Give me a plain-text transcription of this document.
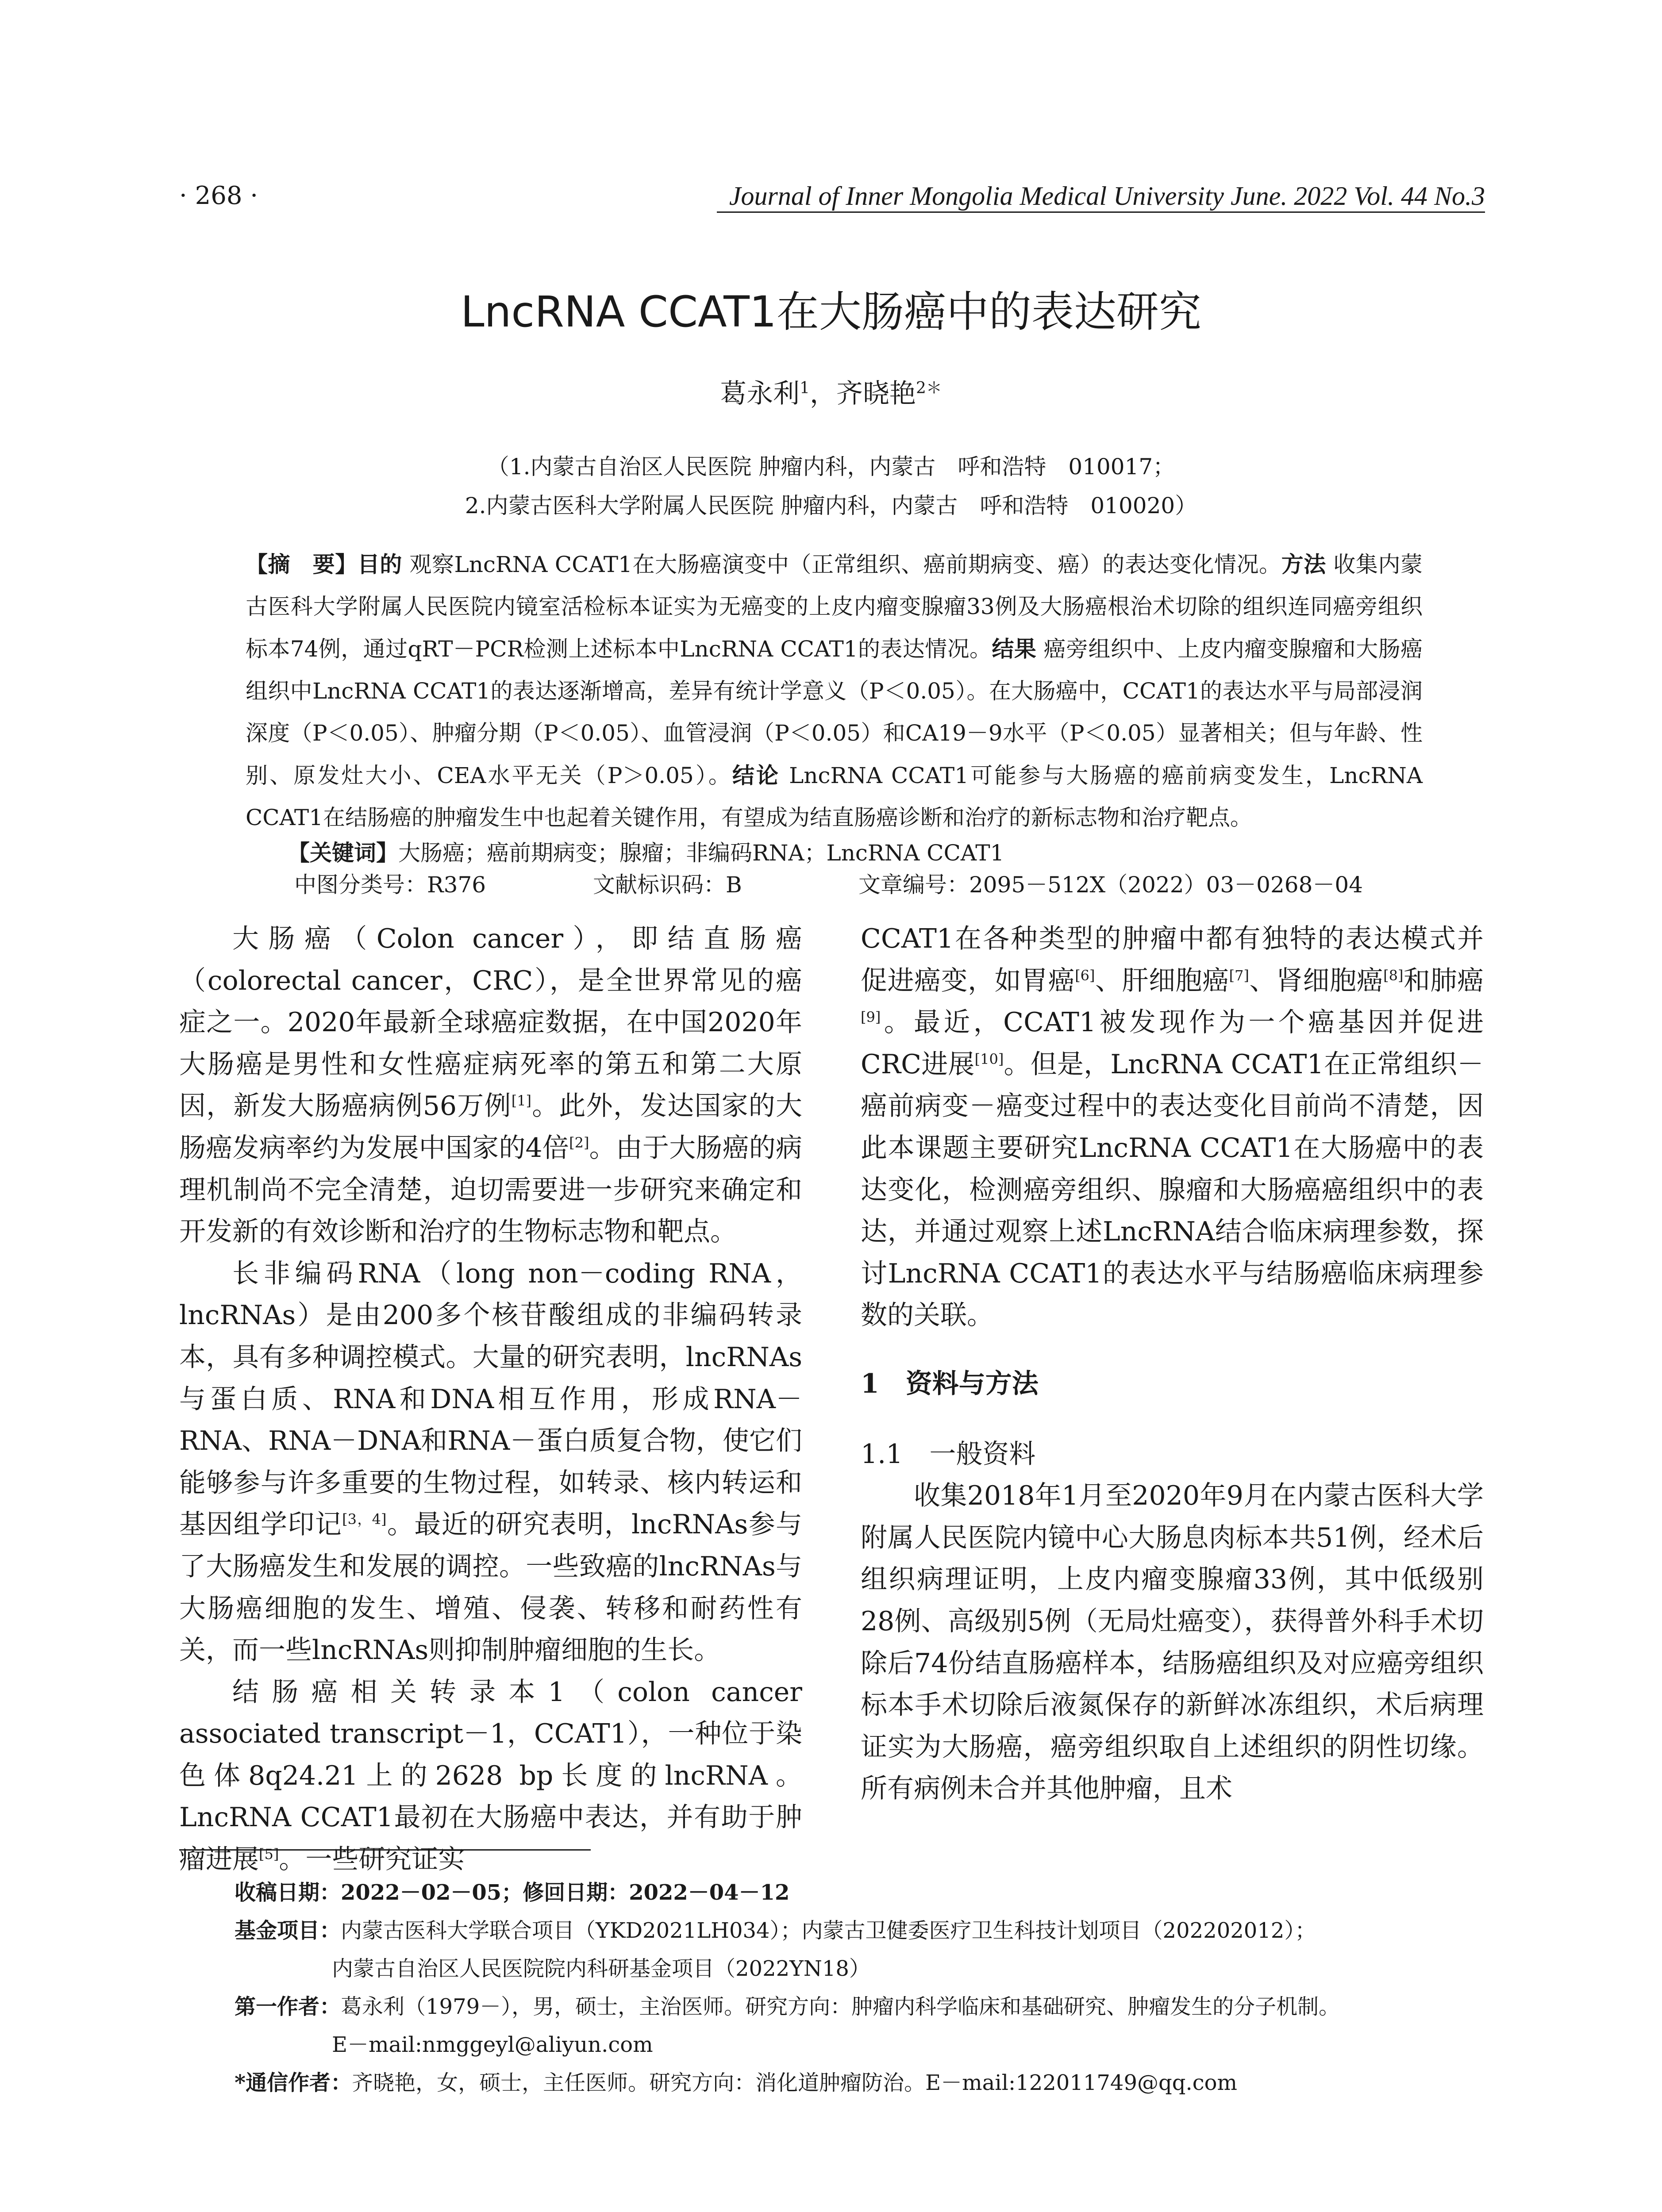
· 268 ·	Journal of Inner Mongolia Medical University June. 2022 Vol. 44 No.3
LncRNA CCAT1在大肠癌中的表达研究
葛永利$^1$，齐晓艳$^{2*}$
（1.内蒙古自治区人民医院 肿瘤内科，内蒙古　呼和浩特　010017；
2.内蒙古医科大学附属人民医院 肿瘤内科，内蒙古　呼和浩特　010020）
【摘　要】目的 观察LncRNA CCAT1在大肠癌演变中（正常组织、癌前期病变、癌）的表达变化情况。方法 收集内蒙古医科大学附属人民医院内镜室活检标本证实为无癌变的上皮内瘤变腺瘤33例及大肠癌根治术切除的组织连同癌旁组织标本74例，通过qRT－PCR检测上述标本中LncRNA CCAT1的表达情况。结果 癌旁组织中、上皮内瘤变腺瘤和大肠癌组织中LncRNA CCAT1的表达逐渐增高，差异有统计学意义（P＜0.05）。在大肠癌中，CCAT1的表达水平与局部浸润深度（P＜0.05）、肿瘤分期（P＜0.05）、血管浸润（P＜0.05）和CA19－9水平（P＜0.05）显著相关；但与年龄、性别、原发灶大小、CEA水平无关（P＞0.05）。结论 LncRNA CCAT1可能参与大肠癌的癌前病变发生，LncRNA CCAT1在结肠癌的肿瘤发生中也起着关键作用，有望成为结直肠癌诊断和治疗的新标志物和治疗靶点。
【关键词】大肠癌；癌前期病变；腺瘤；非编码RNA；LncRNA CCAT1
中图分类号：R376	文献标识码：B	文章编号：2095－512X（2022）03－0268－04

大肠癌（Colon cancer），即结直肠癌（colorectal cancer，CRC），是全世界常见的癌症之一。2020年最新全球癌症数据，在中国2020年大肠癌是男性和女性癌症病死率的第五和第二大原因，新发大肠癌病例56万例[1]。此外，发达国家的大肠癌发病率约为发展中国家的4倍[2]。由于大肠癌的病理机制尚不完全清楚，迫切需要进一步研究来确定和开发新的有效诊断和治疗的生物标志物和靶点。

长非编码RNA（long non－coding RNA，lncRNAs）是由200多个核苷酸组成的非编码转录本，具有多种调控模式。大量的研究表明，lncRNAs与蛋白质、RNA和DNA相互作用，形成RNA－RNA、RNA－DNA和RNA－蛋白质复合物，使它们能够参与许多重要的生物过程，如转录、核内转运和基因组学印记[3，4]。最近的研究表明，lncRNAs参与了大肠癌发生和发展的调控。一些致癌的lncRNAs与大肠癌细胞的发生、增殖、侵袭、转移和耐药性有关，而一些lncRNAs则抑制肿瘤细胞的生长。

结肠癌相关转录本1（colon cancer associated transcript－1，CCAT1），一种位于染色体8q24.21上的2628 bp长度的lncRNA。LncRNA CCAT1最初在大肠癌中表达，并有助于肿瘤进展[5]。一些研究证实

CCAT1在各种类型的肿瘤中都有独特的表达模式并促进癌变，如胃癌[6]、肝细胞癌[7]、肾细胞癌[8]和肺癌[9]。最近，CCAT1被发现作为一个癌基因并促进CRC进展[10]。但是，LncRNA CCAT1在正常组织－癌前病变－癌变过程中的表达变化目前尚不清楚，因此本课题主要研究LncRNA CCAT1在大肠癌中的表达变化，检测癌旁组织、腺瘤和大肠癌癌组织中的表达，并通过观察上述LncRNA结合临床病理参数，探讨LncRNA CCAT1的表达水平与结肠癌临床病理参数的关联。

1　资料与方法

1.1　一般资料

收集2018年1月至2020年9月在内蒙古医科大学附属人民医院内镜中心大肠息肉标本共51例，经术后组织病理证明，上皮内瘤变腺瘤33例，其中低级别28例、高级别5例（无局灶癌变），获得普外科手术切除后74份结直肠癌样本，结肠癌组织及对应癌旁组织标本手术切除后液氮保存的新鲜冰冻组织，术后病理证实为大肠癌，癌旁组织取自上述组织的阴性切缘。所有病例未合并其他肿瘤，且术

收稿日期：2022－02－05；修回日期：2022－04－12
基金项目：内蒙古医科大学联合项目（YKD2021LH034）；内蒙古卫健委医疗卫生科技计划项目（202202012）；
内蒙古自治区人民医院院内科研基金项目（2022YN18）
第一作者：葛永利（1979－），男，硕士，主治医师。研究方向：肿瘤内科学临床和基础研究、肿瘤发生的分子机制。
E－mail:nmggeyl@aliyun.com
*通信作者：齐晓艳，女，硕士，主任医师。研究方向：消化道肿瘤防治。E－mail:122011749@qq.com
